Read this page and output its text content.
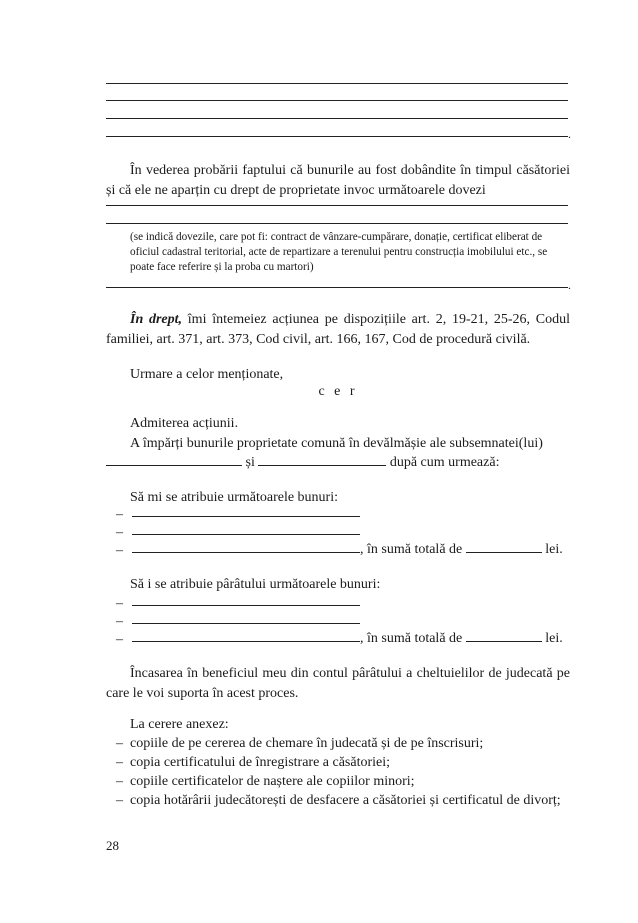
.
În vederea probării faptului că bunurile au fost dobândite în timpul căsătoriei și că ele ne aparțin cu drept de proprietate invoc următoarele dovezi
(se indică dovezile, care pot fi: contract de vânzare-cumpărare, donație, certificat eliberat de oficiul cadastral teritorial, acte de repartizare a terenului pentru construcția imobilului etc., se poate face referire și la proba cu martori)
.
În drept, îmi întemeiez acțiunea pe dispozițiile art. 2, 19-21, 25-26, Codul familiei, art. 371, art. 373, Cod civil, art. 166, 167, Cod de procedură civilă.
Urmare a celor menționate,
c e r
Admiterea acțiunii.
A împărți bunurile proprietate comună în devălmășie ale subsemnatei(lui)
și	după cum urmează:
Să mi se atribuie următoarele bunuri:
–
–
–	, în sumă totală de	lei.
Să i se atribuie pârâtului următoarele bunuri:
–
–
–	, în sumă totală de	lei.
Încasarea în beneficiul meu din contul pârâtului a cheltuielilor de judecată pe care le voi suporta în acest proces.
La cerere anexez:
– copiile de pe cererea de chemare în judecată și de pe înscrisuri;
– copia certificatului de înregistrare a căsătoriei;
– copiile certificatelor de naștere ale copiilor minori;
– copia hotărârii judecătorești de desfacere a căsătoriei și certificatul de divorț;
28
